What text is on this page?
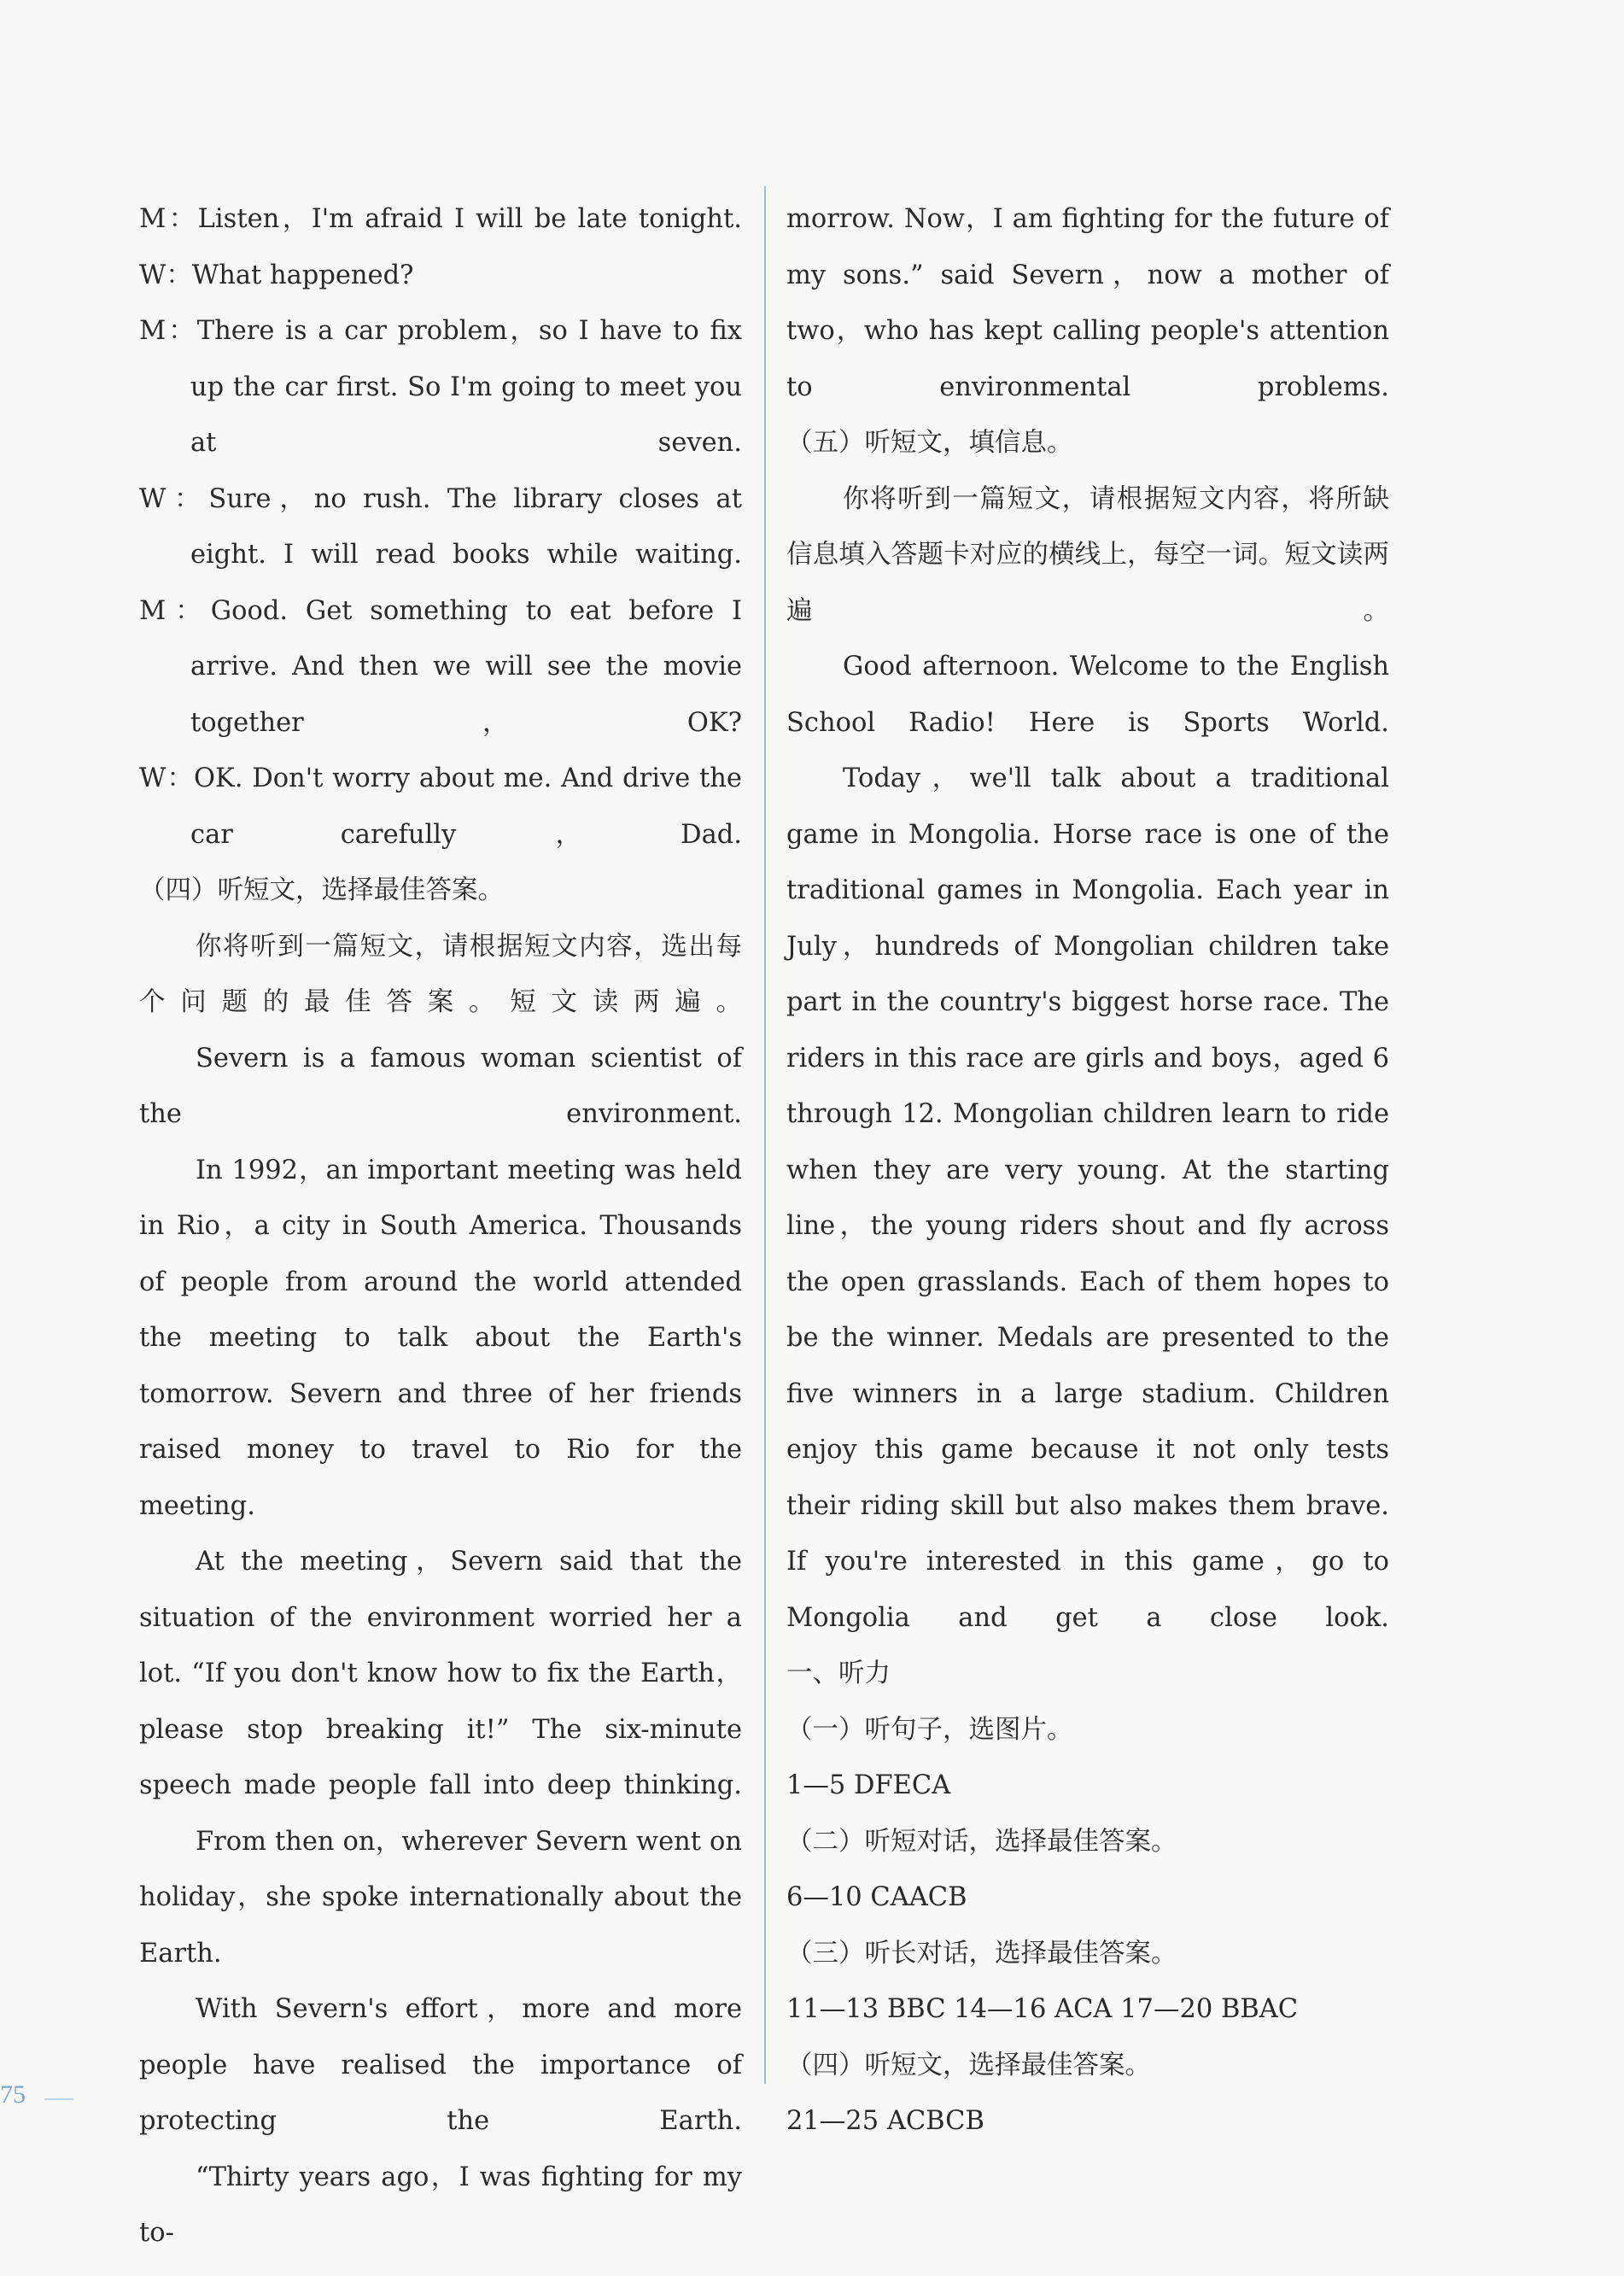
M：Listen，I'm afraid I will be late tonight.

W：What happened?

M：There is a car problem，so I have to fix up the car first. So I'm going to meet you at seven.

W：Sure，no rush. The library closes at eight. I will read books while waiting.

M：Good. Get something to eat before I arrive. And then we will see the movie together，OK?

W：OK. Don't worry about me. And drive the car carefully，Dad.

（四）听短文，选择最佳答案。

你将听到一篇短文，请根据短文内容，选出每个问题的最佳答案。短文读两遍。

Severn is a famous woman scientist of the environment.

In 1992，an important meeting was held in Rio，a city in South America. Thousands of people from around the world attended the meeting to talk about the Earth's tomorrow. Severn and three of her friends raised money to travel to Rio for the meeting.

At the meeting，Severn said that the situation of the environment worried her a lot. “If you don't know how to fix the Earth，please stop breaking it!” The six-minute speech made people fall into deep thinking.

From then on，wherever Severn went on holiday，she spoke internationally about the Earth.

With Severn's effort，more and more people have realised the importance of protecting the Earth.

“Thirty years ago，I was fighting for my to-

morrow. Now，I am fighting for the future of my sons.” said Severn，now a mother of two，who has kept calling people's attention to environmental problems.

（五）听短文，填信息。

你将听到一篇短文，请根据短文内容，将所缺信息填入答题卡对应的横线上，每空一词。短文读两遍。

Good afternoon. Welcome to the English School Radio! Here is Sports World.

Today，we'll talk about a traditional game in Mongolia. Horse race is one of the traditional games in Mongolia. Each year in July，hundreds of Mongolian children take part in the country's biggest horse race. The riders in this race are girls and boys，aged 6 through 12. Mongolian children learn to ride when they are very young. At the starting line，the young riders shout and fly across the open grasslands. Each of them hopes to be the winner. Medals are presented to the five winners in a large stadium. Children enjoy this game because it not only tests their riding skill but also makes them brave. If you're interested in this game，go to Mongolia and get a close look.

一、听力

（一）听句子，选图片。

1—5 DFECA

（二）听短对话，选择最佳答案。

6—10 CAACB

（三）听长对话，选择最佳答案。

11—13 BBC 14—16 ACA 17—20 BBAC

（四）听短文，选择最佳答案。

21—25 ACBCB

75
